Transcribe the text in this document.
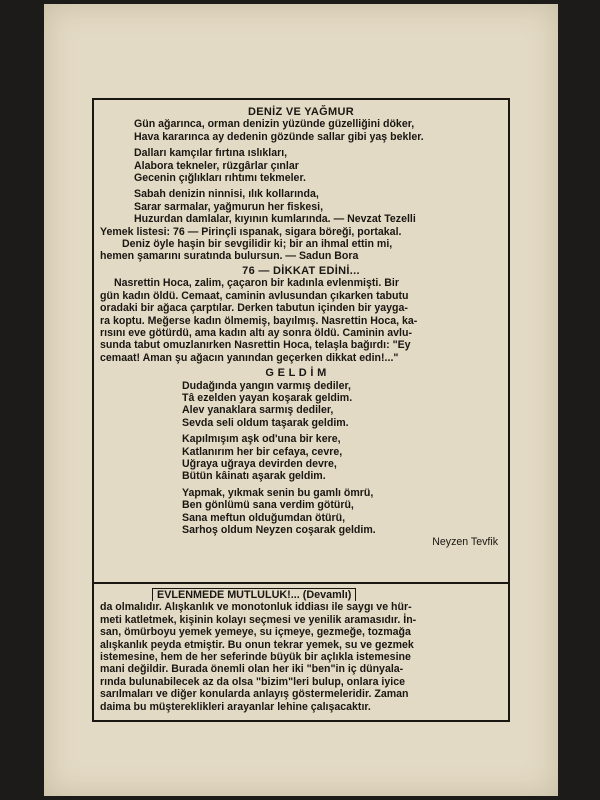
DENİZ VE YAĞMUR

Gün ağarınca, orman denizin yüzünde güzelliğini döker,

Hava kararınca ay dedenin gözünde sallar gibi yaş bekler.

Dalları kamçılar fırtına ıslıkları,

Alabora tekneler, rüzgârlar çınlar

Gecenin çığlıkları rıhtımı tekmeler.

Sabah denizin ninnisi, ılık kollarında,

Sarar sarmalar, yağmurun her fiskesi,

Huzurdan damlalar, kıyının kumlarında. — Nevzat Tezelli

Yemek listesi: 76 — Pirinçli ıspanak, sigara böreği, portakal.

Deniz öyle haşin bir sevgilidir ki; bir an ihmal ettin mi,

hemen şamarını suratında bulursun. — Sadun Bora

76 — DİKKAT EDİNİ...

Nasrettin Hoca, zalim, çaçaron bir kadınla evlenmişti. Bir

gün kadın öldü. Cemaat, caminin avlusundan çıkarken tabutu

oradaki bir ağaca çarptılar. Derken tabutun içinden bir yayga-

ra koptu. Meğerse kadın ölmemiş, bayılmış. Nasrettin Hoca, ka-

rısını eve götürdü, ama kadın altı ay sonra öldü. Caminin avlu-

sunda tabut omuzlanırken Nasrettin Hoca, telaşla bağırdı: "Ey

cemaat! Aman şu ağacın yanından geçerken dikkat edin!..."

G E L D İ M

Dudağında yangın varmış dediler,

Tâ ezelden yayan koşarak geldim.

Alev yanaklara sarmış dediler,

Sevda seli oldum taşarak geldim.

Kapılmışım aşk od'una bir kere,

Katlanırım her bir cefaya, cevre,

Uğraya uğraya devirden devre,

Bütün kâinatı aşarak geldim.

Yapmak, yıkmak senin bu gamlı ömrü,

Ben gönlümü sana verdim götürü,

Sana meftun olduğumdan ötürü,

Sarhoş oldum Neyzen coşarak geldim.

Neyzen Tevfik

EVLENMEDE MUTLULUK!... (Devamlı)

da olmalıdır. Alışkanlık ve monotonluk iddiası ile saygı ve hür-

meti katletmek, kişinin kolayı seçmesi ve yenilik aramasıdır. İn-

san, ömürboyu yemek yemeye, su içmeye, gezmeğe, tozmağa

alışkanlık peyda etmiştir. Bu onun tekrar yemek, su ve gezmek

istemesine, hem de her seferinde büyük bir açlıkla istemesine

mani değildir. Burada önemli olan her iki "ben"in iç dünyala-

rında bulunabilecek az da olsa "bizim"leri bulup, onlara iyice

sarılmaları ve diğer konularda anlayış göstermeleridir. Zaman

daima bu müştereklikleri arayanlar lehine çalışacaktır.
